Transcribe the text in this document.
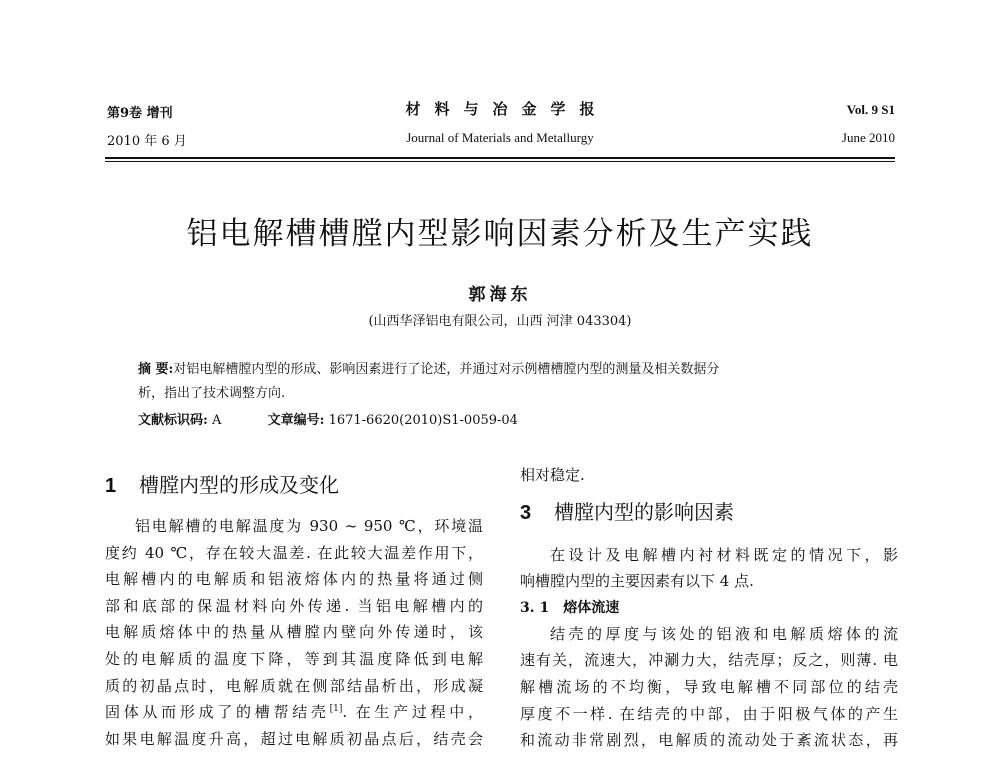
第9卷 增刊
2010 年 6 月
材料与冶金学报
Journal of Materials and Metallurgy
Vol. 9 S1
June 2010
铝电解槽槽膛内型影响因素分析及生产实践
郭海东
(山西华泽铝电有限公司，山西 河津 043304)
摘 要:对铝电解槽膛内型的形成、影响因素进行了论述，并通过对示例槽槽膛内型的测量及相关数据分
析，指出了技术调整方向.
文献标识码: A	文章编号: 1671-6620(2010)S1-0059-04
1 槽膛内型的形成及变化
铝电解槽的电解温度为 930 ~ 950 ℃，环境温
度约 40 ℃，存在较大温差. 在此较大温差作用下，
电解槽内的电解质和铝液熔体内的热量将通过侧
部和底部的保温材料向外传递. 当铝电解槽内的
电解质熔体中的热量从槽膛内壁向外传递时，该
处的电解质的温度下降，等到其温度降低到电解
质的初晶点时，电解质就在侧部结晶析出，形成凝
固体从而形成了的槽帮结壳[1]. 在生产过程中，
如果电解温度升高，超过电解质初晶点后，结壳会
相对稳定.
3 槽膛内型的影响因素
在设计及电解槽内衬材料既定的情况下，影
响槽膛内型的主要因素有以下 4 点.
3. 1 熔体流速
结壳的厚度与该处的铝液和电解质熔体的流
速有关，流速大，冲涮力大，结壳厚；反之，则薄. 电
解槽流场的不均衡，导致电解槽不同部位的结壳
厚度不一样. 在结壳的中部，由于阳极气体的产生
和流动非常剧烈，电解质的流动处于紊流状态，再
